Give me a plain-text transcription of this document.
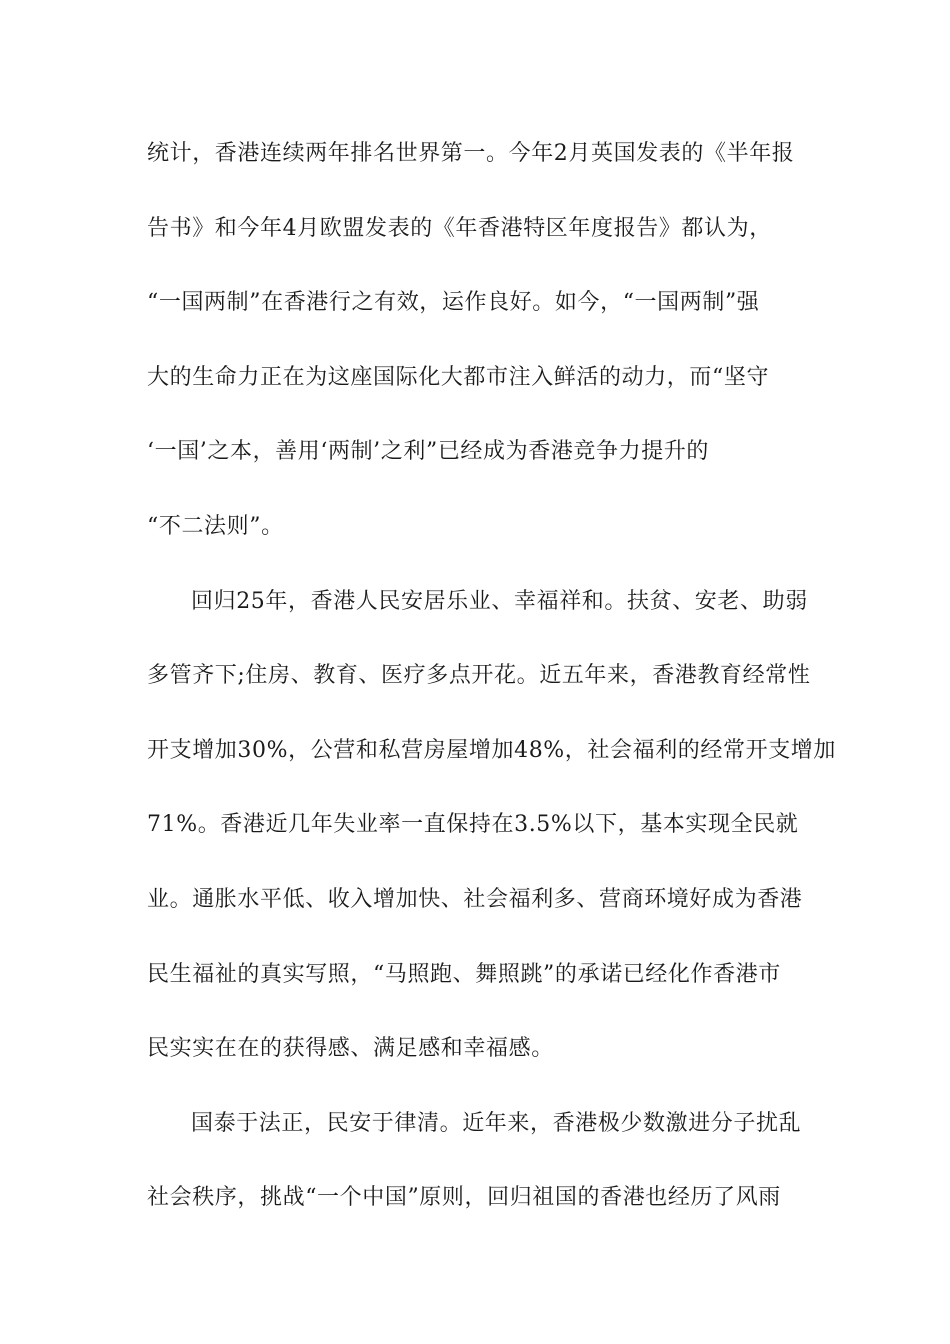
统计，香港连续两年排名世界第一。今年2月英国发表的《半年报
告书》和今年4月欧盟发表的《年香港特区年度报告》都认为，
“一国两制”在香港行之有效，运作良好。如今，“一国两制”强
大的生命力正在为这座国际化大都市注入鲜活的动力，而“坚守
‘一国’之本，善用‘两制’之利”已经成为香港竞争力提升的
“不二法则”。
回归25年，香港人民安居乐业、幸福祥和。扶贫、安老、助弱
多管齐下;住房、教育、医疗多点开花。近五年来，香港教育经常性
开支增加30%，公营和私营房屋增加48%，社会福利的经常开支增加
71%。香港近几年失业率一直保持在3.5%以下，基本实现全民就
业。通胀水平低、收入增加快、社会福利多、营商环境好成为香港
民生福祉的真实写照，“马照跑、舞照跳”的承诺已经化作香港市
民实实在在的获得感、满足感和幸福感。
国泰于法正，民安于律清。近年来，香港极少数激进分子扰乱
社会秩序，挑战“一个中国”原则，回归祖国的香港也经历了风雨
